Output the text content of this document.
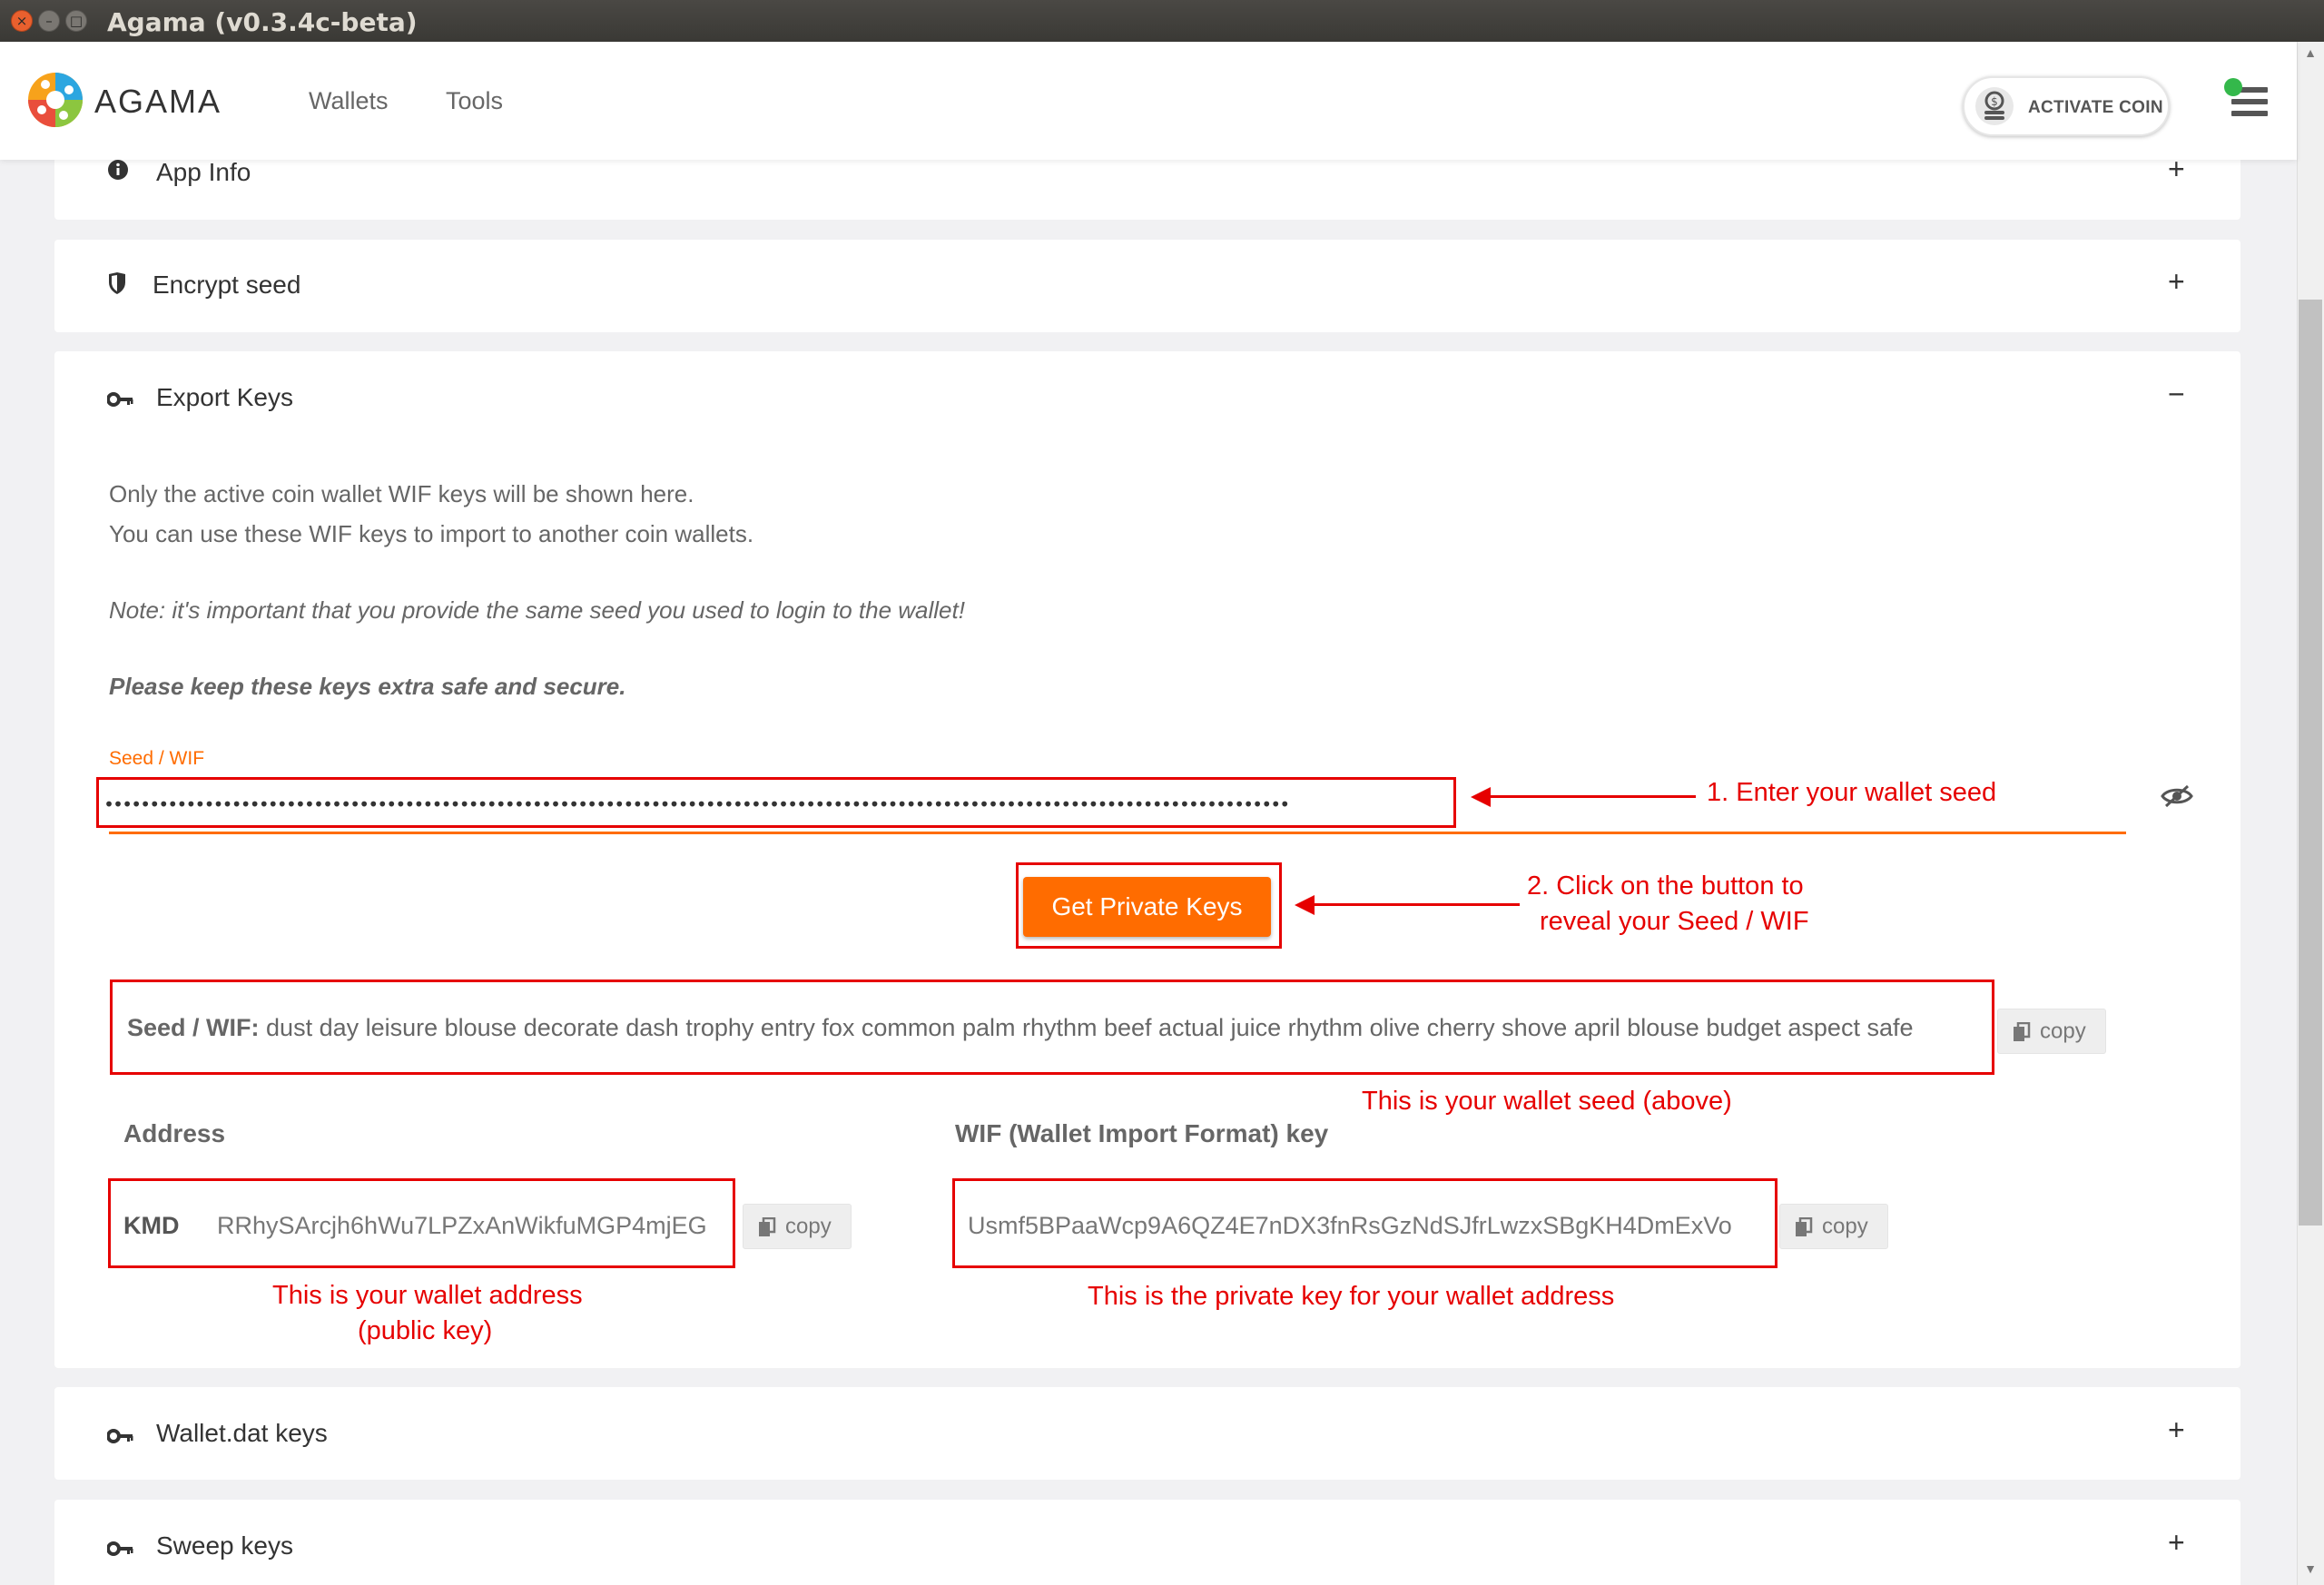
×	–	□ Agama (v0.3.4c-beta)
AGAMA	Wallets Tools	$ ACTIVATE COIN
▲
▼
App Info	+
Encrypt seed	+
Export Keys	−
Only the active coin wallet WIF keys will be shown here.
You can use these WIF keys to import to another coin wallets.
Note: it's important that you provide the same seed you used to login to the wallet!
Please keep these keys extra safe and secure.
Seed / WIF
••••••••••••••••••••••••••••••••••••••••••••••••••••••••••••••••••••••••••••••••••••••••••••••••••••••••••••••••••••••••••••••••••
Get Private Keys
Seed / WIF: dust day leisure blouse decorate dash trophy entry fox common palm rhythm beef actual juice rhythm olive cherry shove april blouse budget aspect safe	copy
Address	WIF (Wallet Import Format) key
KMD RRhySArcjh6hWu7LPZxAnWikfuMGP4mjEG	copy	Usmf5BPaaWcp9A6QZ4E7nDX3fnRsGzNdSJfrLwzxSBgKH4DmExVo	copy
Wallet.dat keys	+
Sweep keys	+
1. Enter your wallet seed
2. Click on the button to
reveal your Seed / WIF
This is your wallet seed (above)
This is your wallet address
(public key)
This is the private key for your wallet address
